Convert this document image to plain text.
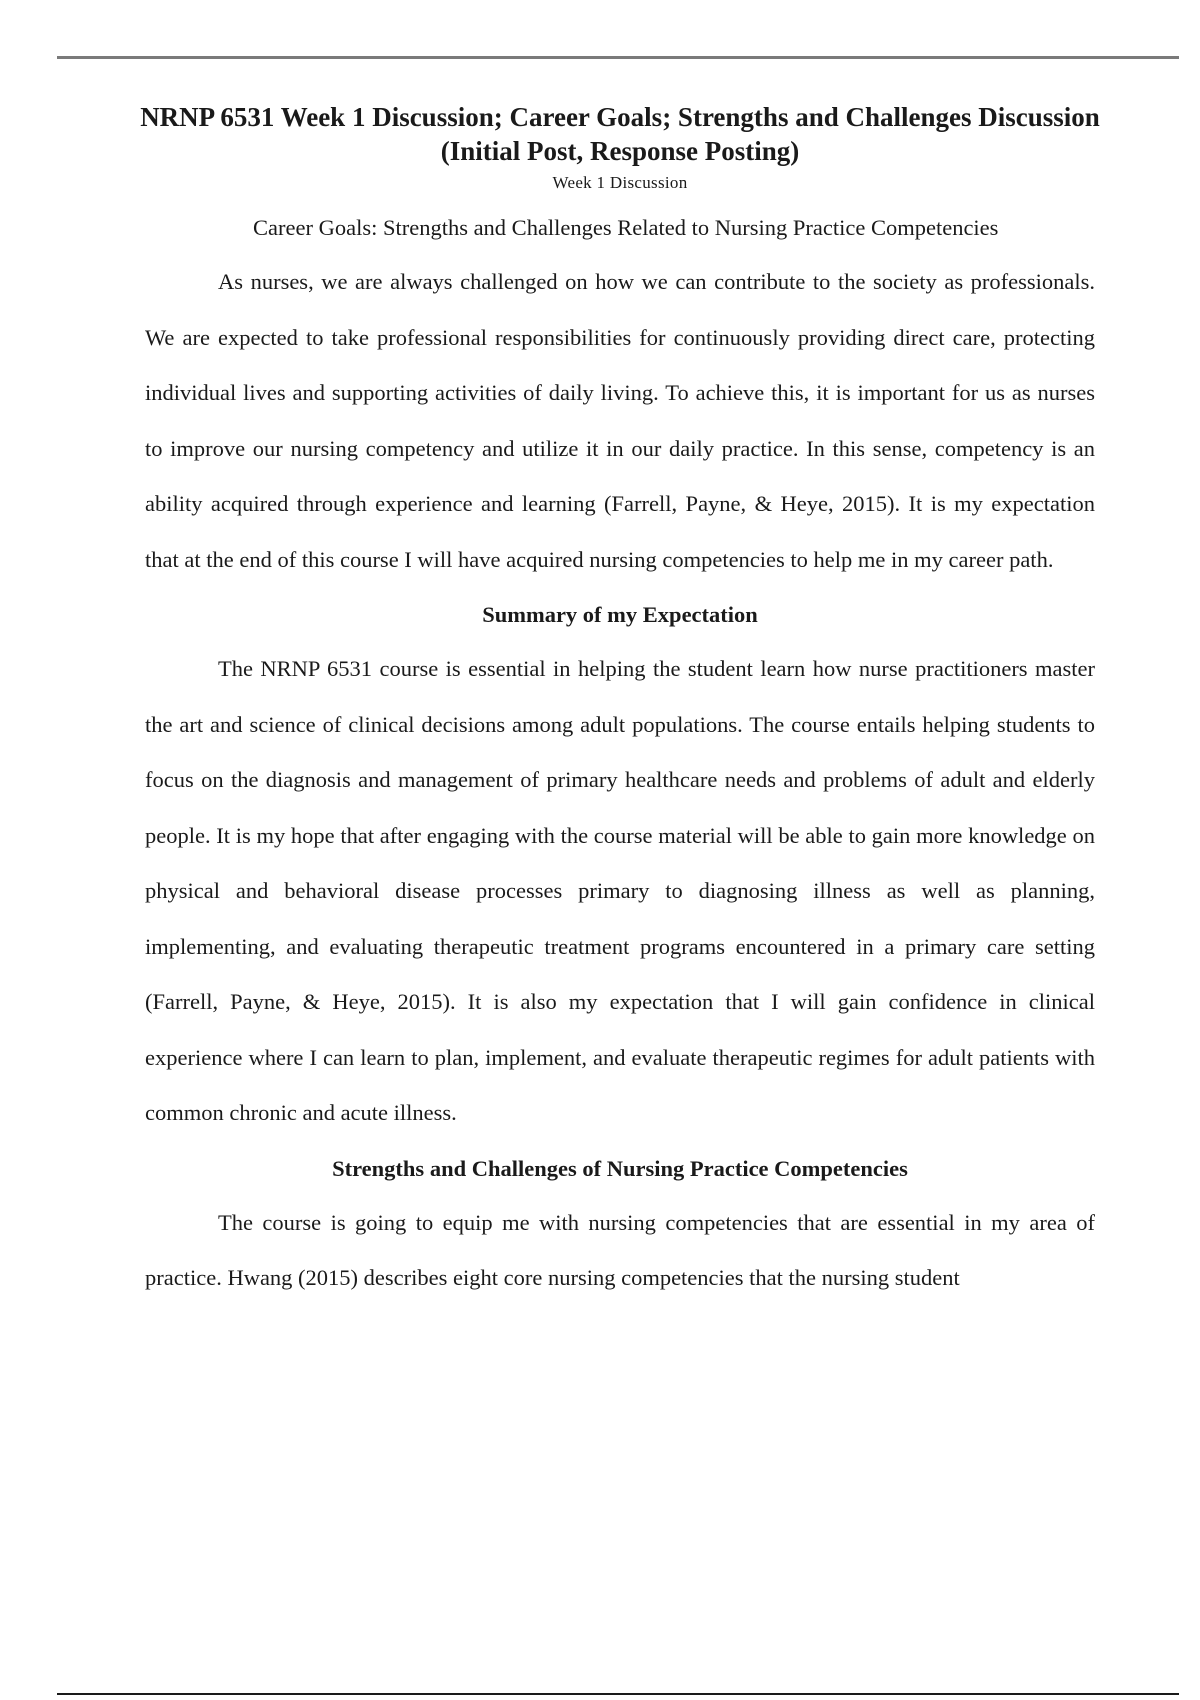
NRNP 6531 Week 1 Discussion; Career Goals; Strengths and Challenges Discussion (Initial Post, Response Posting)
Week 1 Discussion
Career Goals: Strengths and Challenges Related to Nursing Practice Competencies

As nurses, we are always challenged on how we can contribute to the society as professionals. We are expected to take professional responsibilities for continuously providing direct care, protecting individual lives and supporting activities of daily living. To achieve this, it is important for us as nurses to improve our nursing competency and utilize it in our daily practice. In this sense, competency is an ability acquired through experience and learning (Farrell, Payne, & Heye, 2015). It is my expectation that at the end of this course I will have acquired nursing competencies to help me in my career path.

Summary of my Expectation

The NRNP 6531 course is essential in helping the student learn how nurse practitioners master the art and science of clinical decisions among adult populations. The course entails helping students to focus on the diagnosis and management of primary healthcare needs and problems of adult and elderly people. It is my hope that after engaging with the course material will be able to gain more knowledge on physical and behavioral disease processes primary to diagnosing illness as well as planning, implementing, and evaluating therapeutic treatment programs encountered in a primary care setting (Farrell, Payne, & Heye, 2015). It is also my expectation that I will gain confidence in clinical experience where I can learn to plan, implement, and evaluate therapeutic regimes for adult patients with common chronic and acute illness.

Strengths and Challenges of Nursing Practice Competencies

The course is going to equip me with nursing competencies that are essential in my area of practice. Hwang (2015) describes eight core nursing competencies that the nursing student
